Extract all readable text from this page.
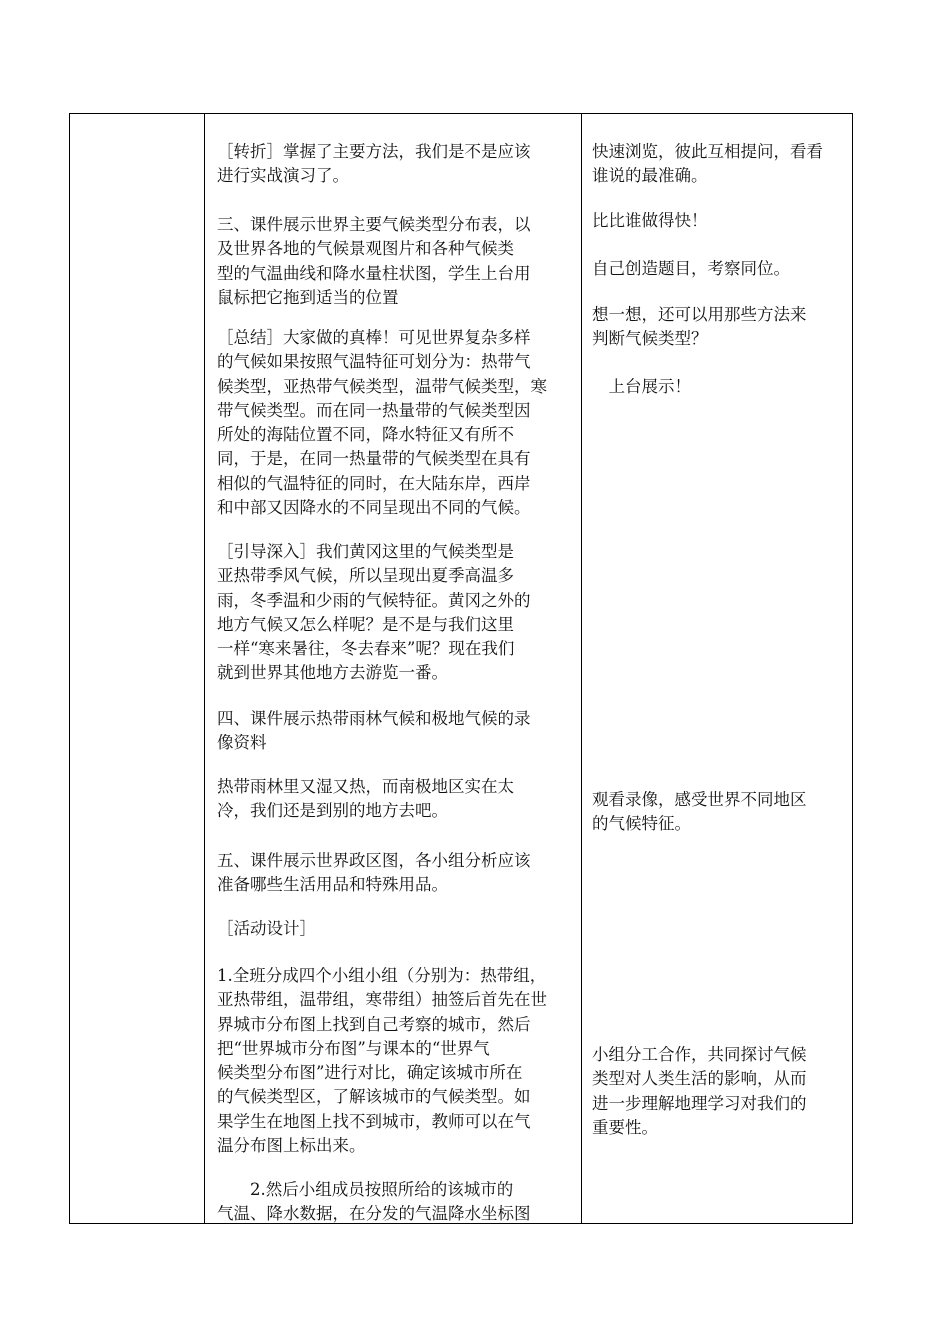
［转折］掌握了主要方法，我们是不是应该
进行实战演习了。

三、课件展示世界主要气候类型分布表，以
及世界各地的气候景观图片和各种气候类
型的气温曲线和降水量柱状图，学生上台用
鼠标把它拖到适当的位置

［总结］大家做的真棒！可见世界复杂多样
的气候如果按照气温特征可划分为：热带气
候类型，亚热带气候类型，温带气候类型，寒
带气候类型。而在同一热量带的气候类型因
所处的海陆位置不同，降水特征又有所不
同，于是，在同一热量带的气候类型在具有
相似的气温特征的同时，在大陆东岸，西岸
和中部又因降水的不同呈现出不同的气候。

［引导深入］我们黄冈这里的气候类型是
亚热带季风气候，所以呈现出夏季高温多
雨，冬季温和少雨的气候特征。黄冈之外的
地方气候又怎么样呢？是不是与我们这里
一样“寒来暑往，冬去春来”呢？现在我们
就到世界其他地方去游览一番。

四、课件展示热带雨林气候和极地气候的录
像资料

热带雨林里又湿又热，而南极地区实在太
冷，我们还是到别的地方去吧。

五、课件展示世界政区图，各小组分析应该
准备哪些生活用品和特殊用品。

［活动设计］

1.全班分成四个小组小组（分别为：热带组，
亚热带组，温带组，寒带组）抽签后首先在世
界城市分布图上找到自己考察的城市，然后
把“世界城市分布图”与课本的“世界气
候类型分布图”进行对比，确定该城市所在
的气候类型区，了解该城市的气候类型。如
果学生在地图上找不到城市，教师可以在气
温分布图上标出来。

　　2.然后小组成员按照所给的该城市的
气温、降水数据，在分发的气温降水坐标图

快速浏览，彼此互相提问，看看
谁说的最准确。

比比谁做得快！

自己创造题目，考察同位。

想一想，还可以用那些方法来
判断气候类型？

　上台展示！

观看录像，感受世界不同地区
的气候特征。

小组分工合作，共同探讨气候
类型对人类生活的影响，从而
进一步理解地理学习对我们的
重要性。
